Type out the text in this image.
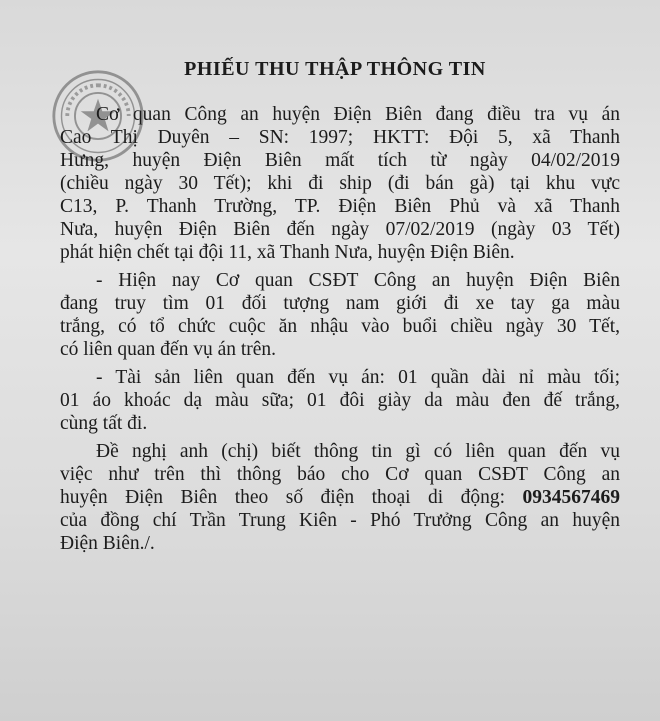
PHIẾU THU THẬP THÔNG TIN
Cơ quan Công an huyện Điện Biên đang điều tra vụ án
Cao Thị Duyên – SN: 1997; HKTT: Đội 5, xã Thanh
Hưng, huyện Điện Biên mất tích từ ngày 04/02/2019
(chiều ngày 30 Tết); khi đi ship (đi bán gà) tại khu vực
C13, P. Thanh Trường, TP. Điện Biên Phủ và xã Thanh
Nưa, huyện Điện Biên đến ngày 07/02/2019 (ngày 03 Tết)
phát hiện chết tại đội 11, xã Thanh Nưa, huyện Điện Biên.
- Hiện nay Cơ quan CSĐT Công an huyện Điện Biên
đang truy tìm 01 đối tượng nam giới đi xe tay ga màu
trắng, có tổ chức cuộc ăn nhậu vào buổi chiều ngày 30 Tết,
có liên quan đến vụ án trên.
- Tài sản liên quan đến vụ án: 01 quần dài nỉ màu tối;
01 áo khoác dạ màu sữa; 01 đôi giày da màu đen đế trắng,
cùng tất đi.
Đề nghị anh (chị) biết thông tin gì có liên quan đến vụ
việc như trên thì thông báo cho Cơ quan CSĐT Công an
huyện Điện Biên theo số điện thoại di động: 0934567469
của đồng chí Trần Trung Kiên - Phó Trưởng Công an huyện
Điện Biên./.
